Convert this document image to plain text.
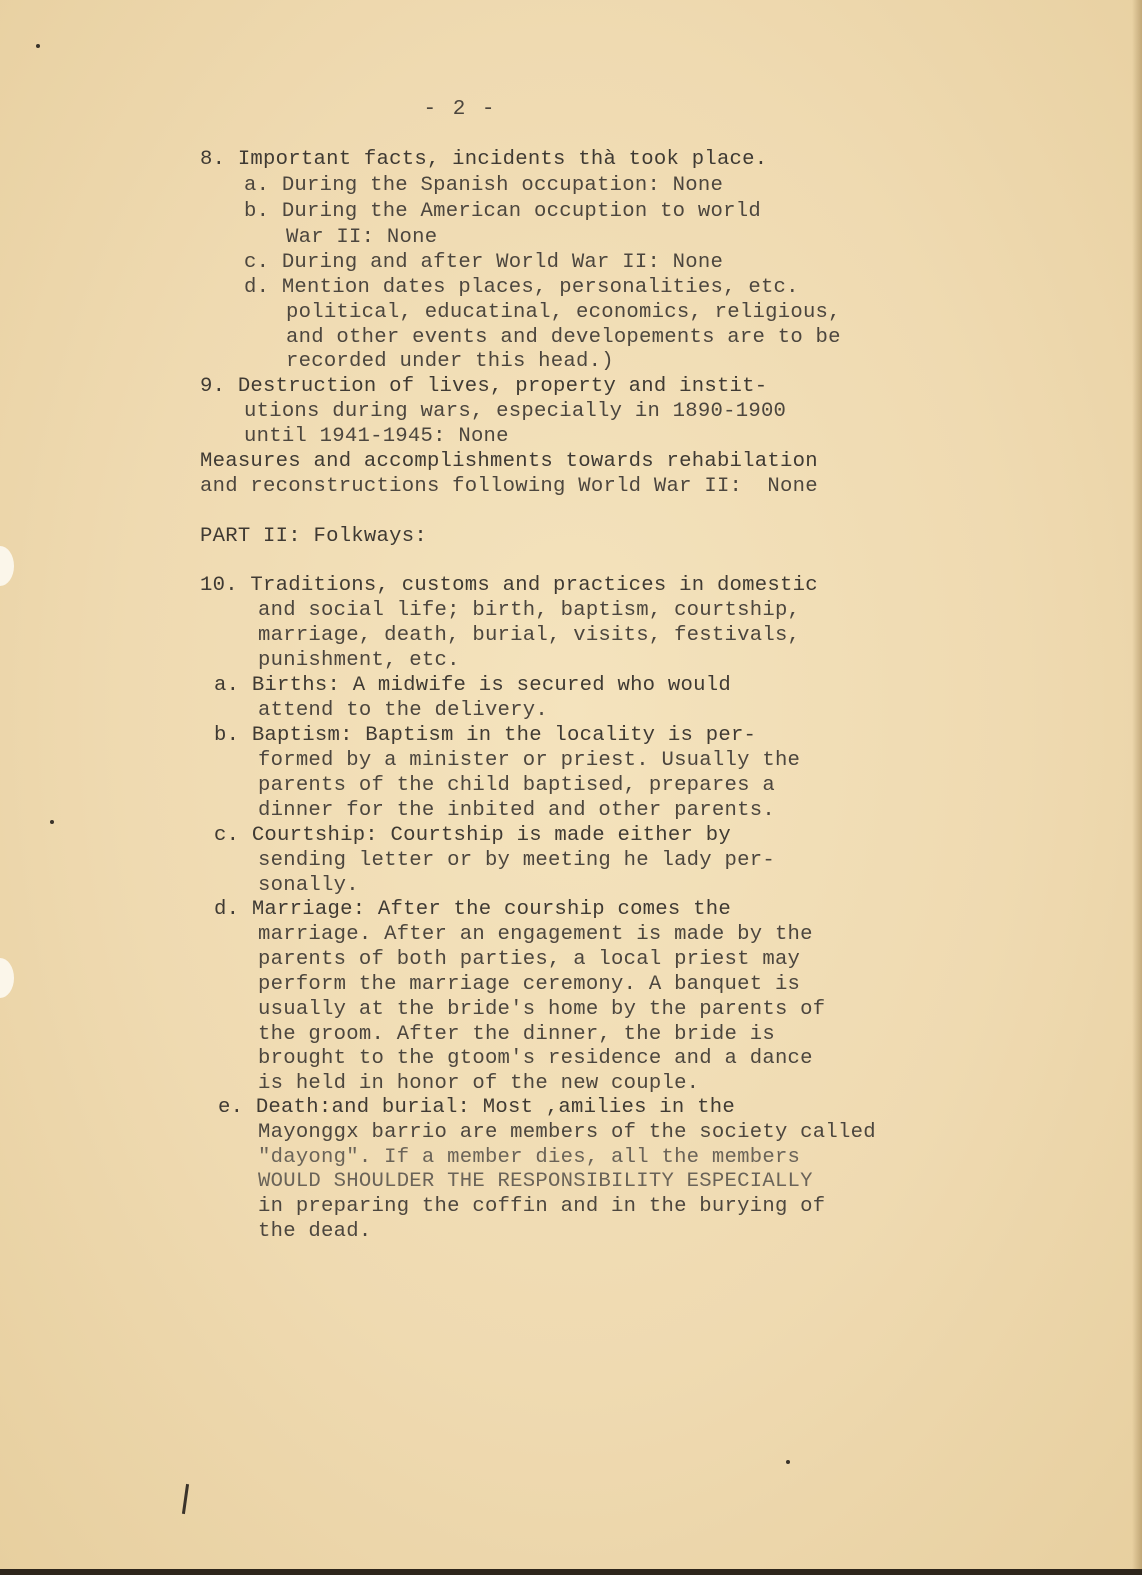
- 2 -

8. Important facts, incidents thà took place.

a. During the Spanish occupation: None

b. During the American occuption to world

War II: None

c. During and after World War II: None

d. Mention dates places, personalities, etc.

political, educatinal, economics, religious,

and other events and developements are to be

recorded under this head.)

9. Destruction of lives, property and instit-

utions during wars, especially in 1890-1900

until 1941-1945: None

Measures and accomplishments towards rehabilation

and reconstructions following World War II:  None

PART II: Folkways:

10. Traditions, customs and practices in domestic

and social life; birth, baptism, courtship,

marriage, death, burial, visits, festivals,

punishment, etc.

a. Births: A midwife is secured who would

attend to the delivery.

b. Baptism: Baptism in the locality is per-

formed by a minister or priest. Usually the

parents of the child baptised, prepares a

dinner for the inbited and other parents.

c. Courtship: Courtship is made either by

sending letter or by meeting he lady per-

sonally.

d. Marriage: After the courship comes the

marriage. After an engagement is made by the

parents of both parties, a local priest may

perform the marriage ceremony. A banquet is

usually at the bride's home by the parents of

the groom. After the dinner, the bride is

brought to the gtoom's residence and a dance

is held in honor of the new couple.

e. Death:and burial: Most ,amilies in the

Mayonggx barrio are members of the society called

"dayong". If a member dies, all the members

WOULD SHOULDER THE RESPONSIBILITY ESPECIALLY

in preparing the coffin and in the burying of

the dead.
